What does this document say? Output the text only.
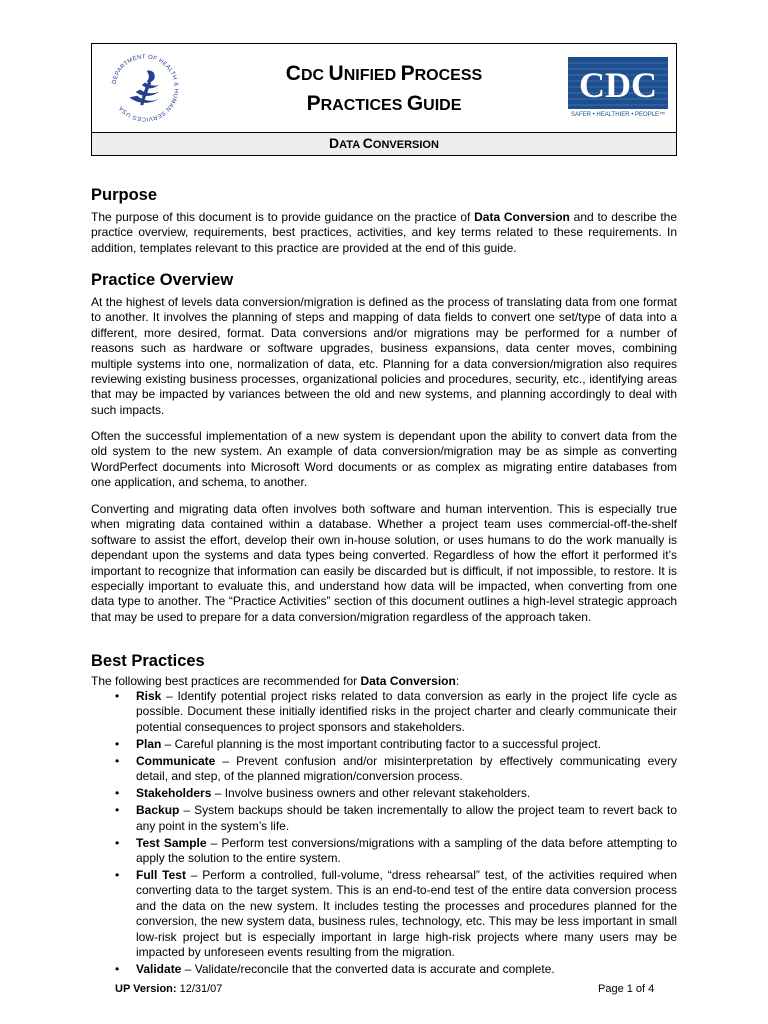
DEPARTMENT OF HEALTH & HUMAN SERVICES USA
CDC UNIFIED PROCESS
PRACTICES GUIDE
CDC
SAFER • HEALTHIER • PEOPLE™
DATA CONVERSION
Purpose

The purpose of this document is to provide guidance on the practice of Data Conversion and to describe the practice overview, requirements, best practices, activities, and key terms related to these requirements. In addition, templates relevant to this practice are provided at the end of this guide.

Practice Overview

At the highest of levels data conversion/migration is defined as the process of translating data from one format to another. It involves the planning of steps and mapping of data fields to convert one set/type of data into a different, more desired, format. Data conversions and/or migrations may be performed for a number of reasons such as hardware or software upgrades, business expansions, data center moves, combining multiple systems into one, normalization of data, etc. Planning for a data conversion/migration also requires reviewing existing business processes, organizational policies and procedures, security, etc., identifying areas that may be impacted by variances between the old and new systems, and planning accordingly to deal with such impacts.

Often the successful implementation of a new system is dependant upon the ability to convert data from the old system to the new system. An example of data conversion/migration may be as simple as converting WordPerfect documents into Microsoft Word documents or as complex as migrating entire databases from one application, and schema, to another.

Converting and migrating data often involves both software and human intervention. This is especially true when migrating data contained within a database. Whether a project team uses commercial-off-the-shelf software to assist the effort, develop their own in-house solution, or uses humans to do the work manually is dependant upon the systems and data types being converted. Regardless of how the effort it performed it’s important to recognize that information can easily be discarded but is difficult, if not impossible, to restore. It is especially important to evaluate this, and understand how data will be impacted, when converting from one data type to another. The “Practice Activities” section of this document outlines a high-level strategic approach that may be used to prepare for a data conversion/migration regardless of the approach taken.

Best Practices

The following best practices are recommended for Data Conversion:

• Risk – Identify potential project risks related to data conversion as early in the project life cycle as possible. Document these initially identified risks in the project charter and clearly communicate their potential consequences to project sponsors and stakeholders.
• Plan – Careful planning is the most important contributing factor to a successful project.
• Communicate – Prevent confusion and/or misinterpretation by effectively communicating every detail, and step, of the planned migration/conversion process.
• Stakeholders – Involve business owners and other relevant stakeholders.
• Backup – System backups should be taken incrementally to allow the project team to revert back to any point in the system’s life.
• Test Sample – Perform test conversions/migrations with a sampling of the data before attempting to apply the solution to the entire system.
• Full Test – Perform a controlled, full-volume, “dress rehearsal” test, of the activities required when converting data to the target system. This is an end-to-end test of the entire data conversion process and the data on the new system. It includes testing the processes and procedures planned for the conversion, the new system data, business rules, technology, etc. This may be less important in small low-risk project but is especially important in large high-risk projects where many users may be impacted by unforeseen events resulting from the migration.
• Validate – Validate/reconcile that the converted data is accurate and complete.
UP Version: 12/31/07	Page 1 of 4
